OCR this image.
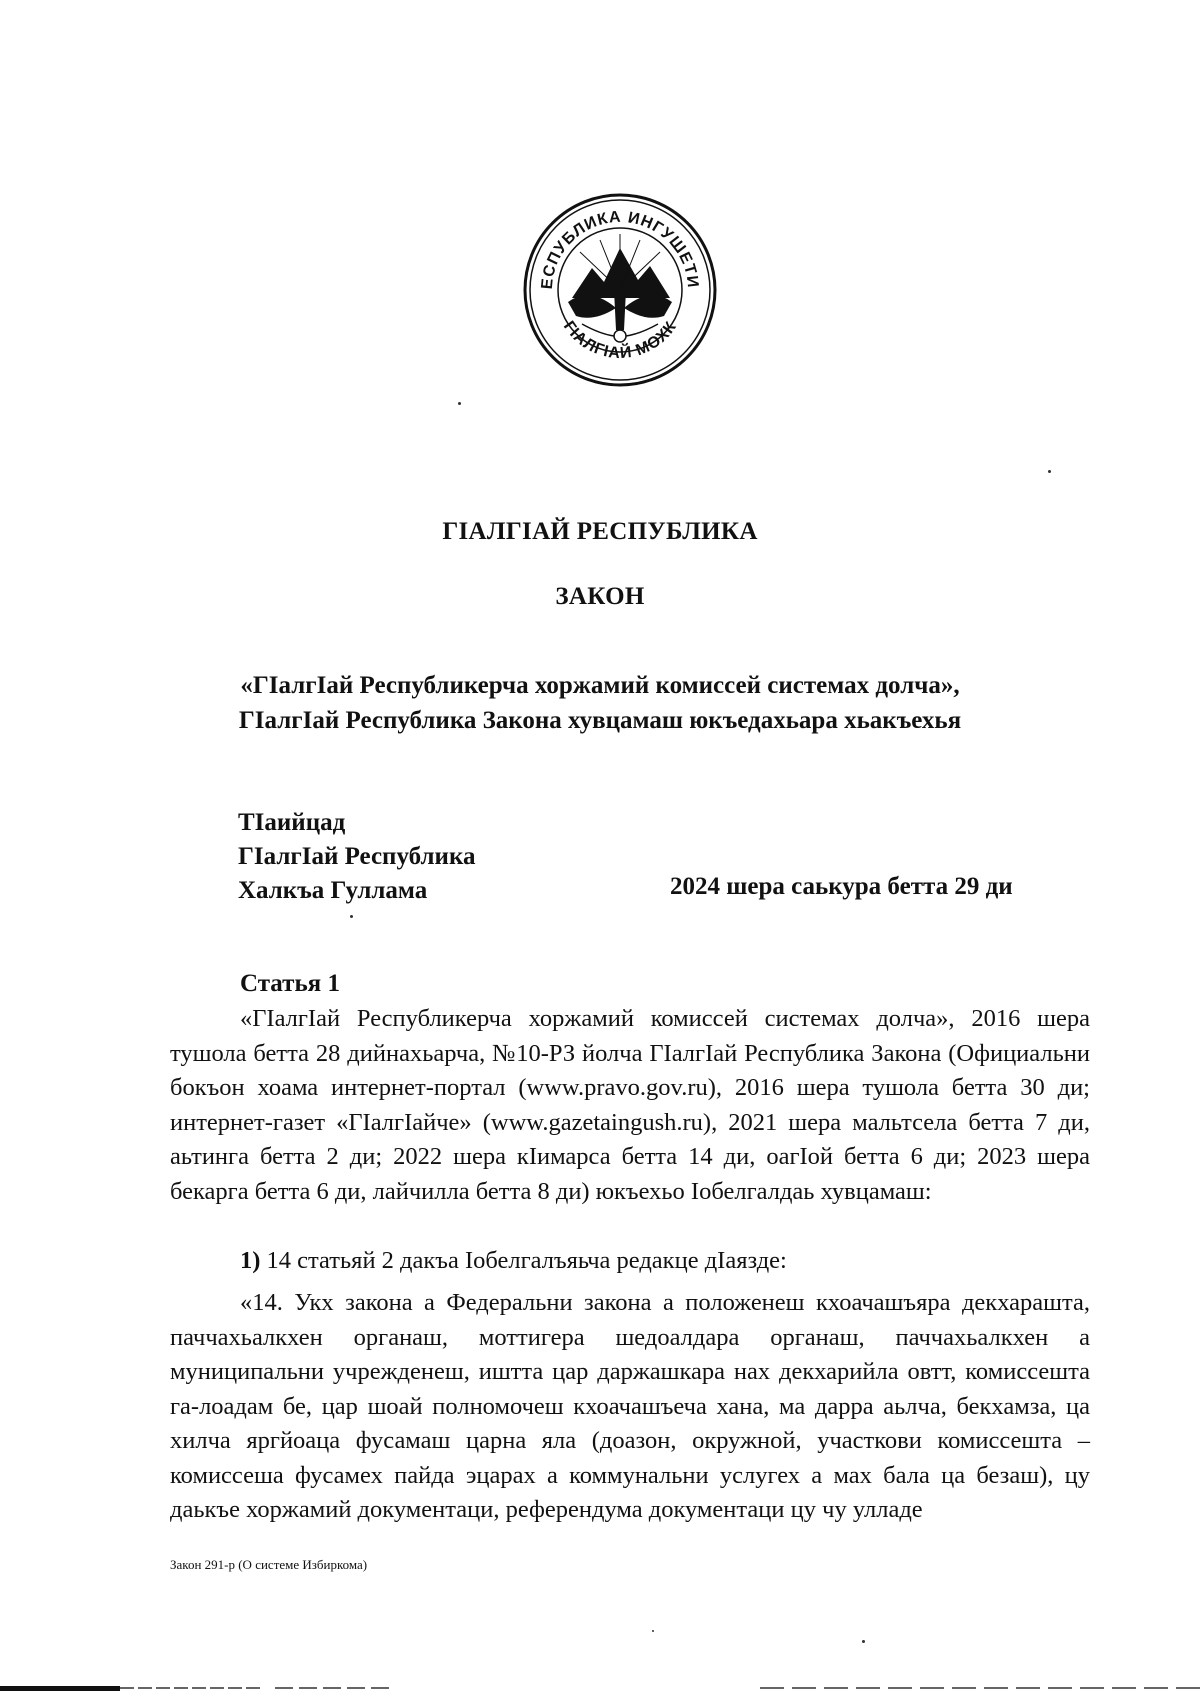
ЕСПУБЛИКА ИНГУШЕТИ
ГIАЛГIАЙ МОХК
ГIАЛГIАЙ РЕСПУБЛИКА
ЗАКОН
«ГIалгIай Республикерча хоржамий комиссей системах долча»,
ГIалгIай Республика Закона хувцамаш юкъедахьара хьакъехья
ТIаийцад
ГIалгIай Республика
Халкъа Гуллама	2024 шера саькура бетта 29 ди
Статья 1

«ГIалгIай Республикерча хоржамий комиссей системах долча», 2016 шера тушола бетта 28 дийнахьарча, №10-РЗ йолча ГIалгIай Республика Закона (Официальни бокъон хоама интернет-портал (www.pravo.gov.ru), 2016 шера тушола бетта 30 ди; интернет-газет «ГIалгIайче» (www.gazetaingush.ru), 2021 шера мальтсела бетта 7 ди, аьтинга бетта 2 ди; 2022 шера кIимарса бетта 14 ди, оагIой бетта 6 ди; 2023 шера бекарга бетта 6 ди, лайчилла бетта 8 ди) юкъехьо Iобелгалдаь хувцамаш:

1) 14 статьяй 2 дакъа Iобелгалъяьча редакце дIаязде:

«14. Укх закона а Федеральни закона а положенеш кхоачашъяра декхарашта, паччахьалкхен органаш, моттигера шедоалдара органаш, паччахьалкхен а муниципальни учрежденеш, иштта цар даржашкара нах декхарийла овтт, комиссешта га-лоадам бе, цар шоай полномочеш кхоачашъеча хана, ма дарра аьлча, бекхамза, ца хилча яргйоаца фусамаш царна яла (доазон, окружной, участкови комиссешта – комиссеша фусамех пайда эцарах а коммунальни услугех а мах бала ца безаш), цу даькъе хоржамий документаци, референдума документаци цу чу улладе

Закон 291-р (О системе Избиркома)
